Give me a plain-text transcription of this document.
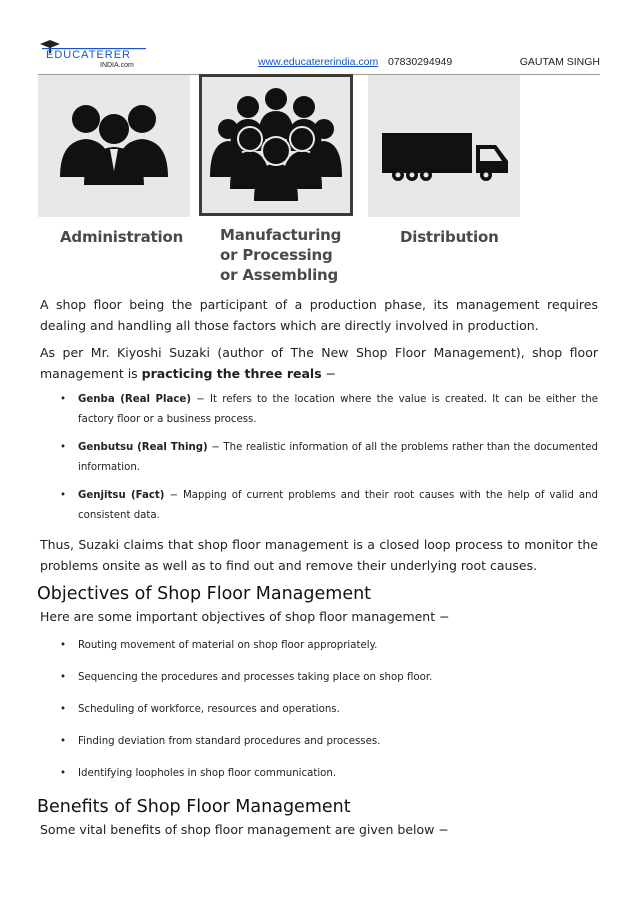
EDUCATERER
INDIA.com	www.educatererindia.com 07830294949	GAUTAM SINGH
Administration Manufacturing
or Processing
or Assembling
Distribution

A shop floor being the participant of a production phase, its management requires dealing and handling all those factors which are directly involved in production.

As per Mr. Kiyoshi Suzaki (author of The New Shop Floor Management), shop floor management is practicing the three reals −

• Genba (Real Place) − It refers to the location where the value is created. It can be either the factory floor or a business process.
• Genbutsu (Real Thing) − The realistic information of all the problems rather than the documented information.
• Genjitsu (Fact) − Mapping of current problems and their root causes with the help of valid and consistent data.

Thus, Suzaki claims that shop floor management is a closed loop process to monitor the problems onsite as well as to find out and remove their underlying root causes.

Objectives of Shop Floor Management

Here are some important objectives of shop floor management −

• Routing movement of material on shop floor appropriately.
• Sequencing the procedures and processes taking place on shop floor.
• Scheduling of workforce, resources and operations.
• Finding deviation from standard procedures and processes.
• Identifying loopholes in shop floor communication.
Benefits of Shop Floor Management

Some vital benefits of shop floor management are given below −
